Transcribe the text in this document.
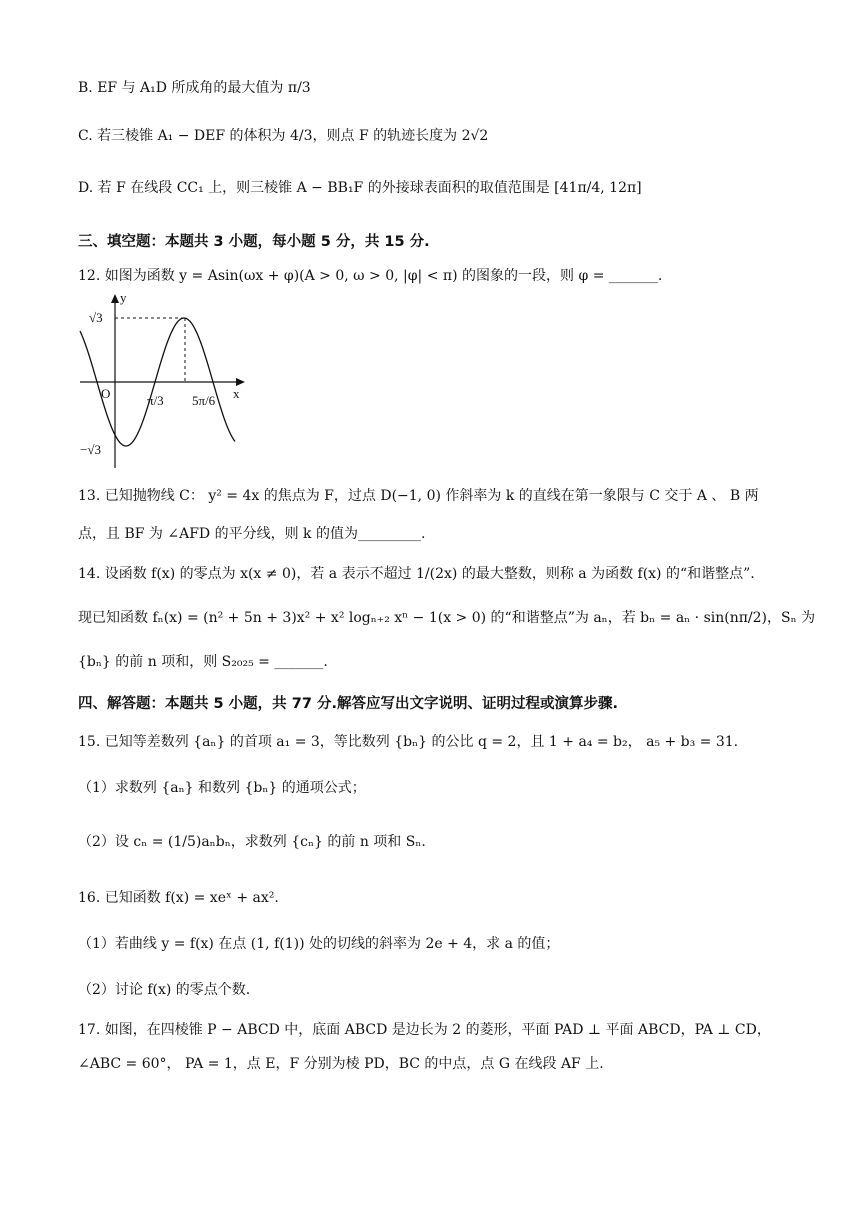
B. EF 与 A₁D 所成角的最大值为 π/3
C. 若三棱锥 A₁ − DEF 的体积为 4/3，则点 F 的轨迹长度为 2√2
D. 若 F 在线段 CC₁ 上，则三棱锥 A − BB₁F 的外接球表面积的取值范围是 [41π/4, 12π]
三、填空题：本题共 3 小题，每小题 5 分，共 15 分.
12. 如图为函数 y = Asin(ωx + φ)(A > 0, ω > 0, |φ| < π) 的图象的一段，则 φ = _______.
y
x
O
√3
−√3
π/3 5π/6
13. 已知抛物线 C： y² = 4x 的焦点为 F，过点 D(−1, 0) 作斜率为 k 的直线在第一象限与 C 交于 A 、 B 两
点，且 BF 为 ∠AFD 的平分线，则 k 的值为_________.
14. 设函数 f(x) 的零点为 x(x ≠ 0)，若 a 表示不超过 1/(2x) 的最大整数，则称 a 为函数 f(x) 的“和谐整点”.
现已知函数 fₙ(x) = (n² + 5n + 3)x² + x² logₙ₊₂ xⁿ − 1(x > 0) 的“和谐整点”为 aₙ，若 bₙ = aₙ · sin(nπ/2)，Sₙ 为
{bₙ} 的前 n 项和，则 S₂₀₂₅ = _______.
四、解答题：本题共 5 小题，共 77 分.解答应写出文字说明、证明过程或演算步骤.
15. 已知等差数列 {aₙ} 的首项 a₁ = 3，等比数列 {bₙ} 的公比 q = 2，且 1 + a₄ = b₂， a₅ + b₃ = 31.
（1）求数列 {aₙ} 和数列 {bₙ} 的通项公式；
（2）设 cₙ = (1/5)aₙbₙ，求数列 {cₙ} 的前 n 项和 Sₙ.
16. 已知函数 f(x) = xeˣ + ax².
（1）若曲线 y = f(x) 在点 (1, f(1)) 处的切线的斜率为 2e + 4，求 a 的值；
（2）讨论 f(x) 的零点个数.
17. 如图，在四棱锥 P − ABCD 中，底面 ABCD 是边长为 2 的菱形，平面 PAD ⊥ 平面 ABCD，PA ⊥ CD，
∠ABC = 60°， PA = 1，点 E，F 分别为棱 PD，BC 的中点，点 G 在线段 AF 上.
